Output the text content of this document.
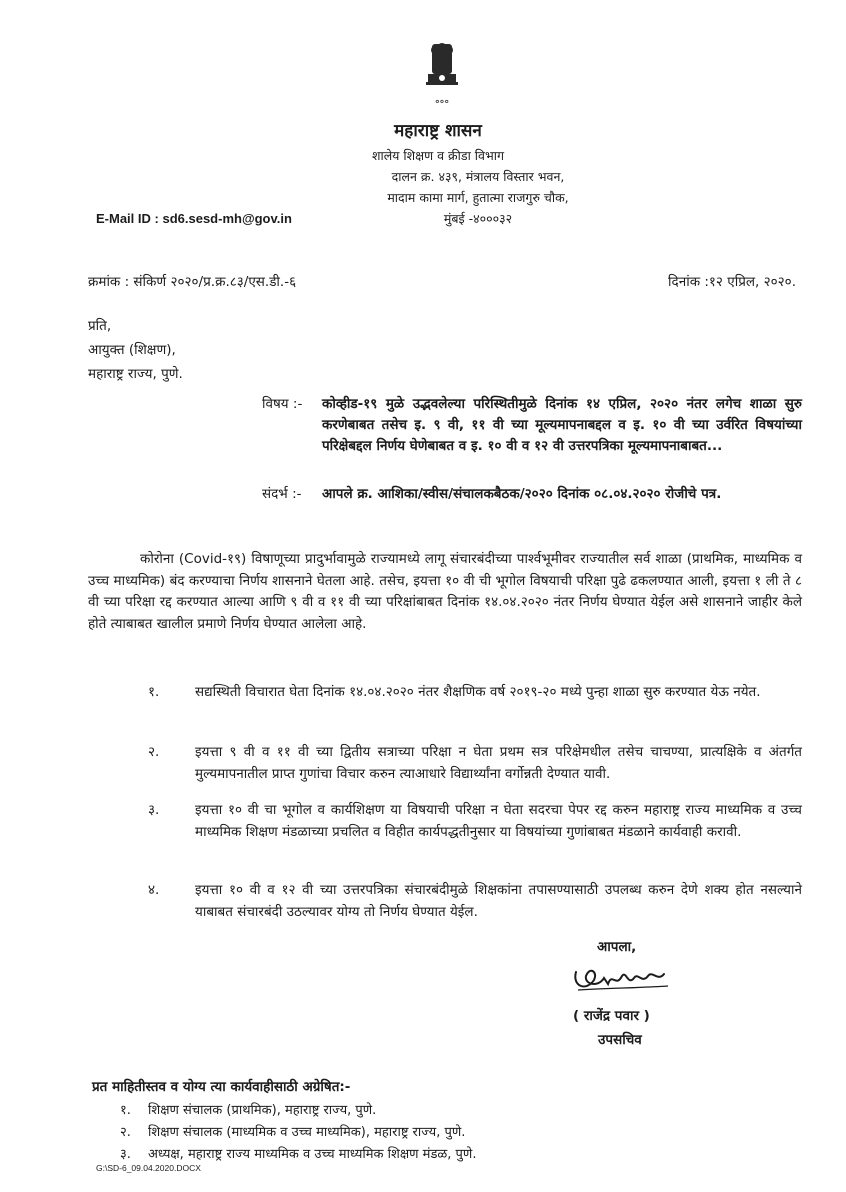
॰॰॰
महाराष्ट्र शासन
शालेय शिक्षण व क्रीडा विभाग
दालन क्र. ४३९, मंत्रालय विस्तार भवन,
मादाम कामा मार्ग, हुतात्मा राजगुरु चौक,
मुंबई -४०००३२
E-Mail ID : sd6.sesd-mh@gov.in
क्रमांक : संकिर्ण २०२०/प्र.क्र.८३/एस.डी.-६	दिनांक :१२ एप्रिल, २०२०.
प्रति,
आयुक्त (शिक्षण),
महाराष्ट्र राज्य, पुणे.
विषय :-	कोव्हीड-१९ मुळे उद्भवलेल्या परिस्थितीमुळे दिनांक १४ एप्रिल, २०२० नंतर लगेच शाळा सुरु करणेबाबत तसेच इ. ९ वी, ११ वी च्या मूल्यमापनाबद्दल व इ. १० वी च्या उर्वरित विषयांच्या परिक्षेबद्दल निर्णय घेणेबाबत व इ. १० वी व १२ वी उत्तरपत्रिका मूल्यमापनाबाबत...
संदर्भ :-	आपले क्र. आशिका/स्वीस/संचालकबैठक/२०२० दिनांक ०८.०४.२०२० रोजीचे पत्र.
कोरोना (Covid-१९) विषाणूच्या प्रादुर्भावामुळे राज्यामध्ये लागू संचारबंदीच्या पार्श्वभूमीवर राज्यातील सर्व शाळा (प्राथमिक, माध्यमिक व उच्च माध्यमिक) बंद करण्याचा निर्णय शासनाने घेतला आहे. तसेच, इयत्ता १० वी ची भूगोल विषयाची परिक्षा पुढे ढकलण्यात आली, इयत्ता १ ली ते ८ वी च्या परिक्षा रद्द करण्यात आल्या आणि ९ वी व ११ वी च्या परिक्षांबाबत दिनांक १४.०४.२०२० नंतर निर्णय घेण्यात येईल असे शासनाने जाहीर केले होते त्याबाबत खालील प्रमाणे निर्णय घेण्यात आलेला आहे.
१.	सद्यस्थिती विचारात घेता दिनांक १४.०४.२०२० नंतर शैक्षणिक वर्ष २०१९-२० मध्ये पुन्हा शाळा सुरु करण्यात येऊ नयेत.
२.	इयत्ता ९ वी व ११ वी च्या द्वितीय सत्राच्या परिक्षा न घेता प्रथम सत्र परिक्षेमधील तसेच चाचण्या, प्रात्यक्षिके व अंतर्गत मुल्यमापनातील प्राप्त गुणांचा विचार करुन त्याआधारे विद्यार्थ्यांना वर्गोन्नती देण्यात यावी.
३.	इयत्ता १० वी चा भूगोल व कार्यशिक्षण या विषयाची परिक्षा न घेता सदरचा पेपर रद्द करुन महाराष्ट्र राज्य माध्यमिक व उच्च माध्यमिक शिक्षण मंडळाच्या प्रचलित व विहीत कार्यपद्धतीनुसार या विषयांच्या गुणांबाबत मंडळाने कार्यवाही करावी.
४.	इयत्ता १० वी व १२ वी च्या उत्तरपत्रिका संचारबंदीमुळे शिक्षकांना तपासण्यासाठी उपलब्ध करुन देणे शक्य होत नसल्याने याबाबत संचारबंदी उठल्यावर योग्य तो निर्णय घेण्यात येईल.
आपला,
( राजेंद्र पवार )
उपसचिव
प्रत माहितीस्तव व योग्य त्या कार्यवाहीसाठी अग्रेषित:-
१. शिक्षण संचालक (प्राथमिक), महाराष्ट्र राज्य, पुणे.
२. शिक्षण संचालक (माध्यमिक व उच्च माध्यमिक), महाराष्ट्र राज्य, पुणे.
३. अध्यक्ष, महाराष्ट्र राज्य माध्यमिक व उच्च माध्यमिक शिक्षण मंडळ, पुणे.
G:\SD-6_09.04.2020.DOCX
